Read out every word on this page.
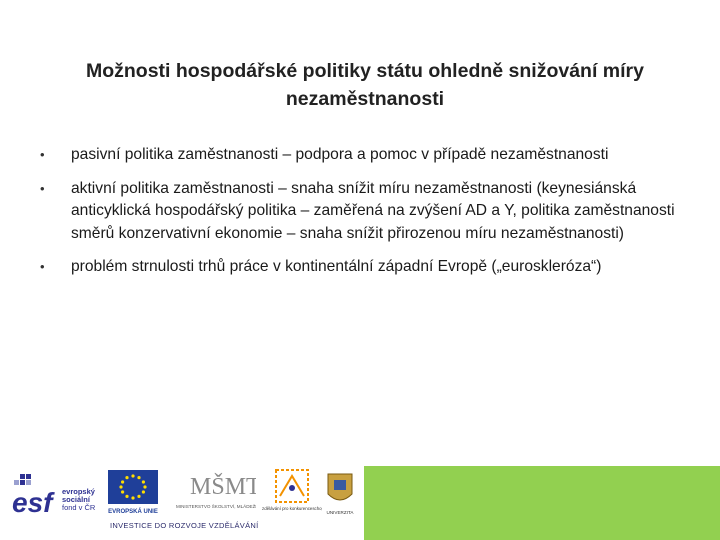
Možnosti hospodářské politiky státu ohledně snižování míry nezaměstnanosti
• pasivní politika zaměstnanosti – podpora a pomoc v případě nezaměstnanosti
• aktivní politika zaměstnanosti – snaha snížit míru nezaměstnanosti (keynesiánská anticyklická hospodářský politika – zaměřená na zvýšení AD a Y, politika zaměstnanosti směrů konzervativní ekonomie – snaha snížit přirozenou míru nezaměstnanosti)
• problém strnulosti trhů práce v kontinentální západní Evropě („euroskleróza“)
esf	evropský
sociální
fond v ČR EVROPSKÁ UNIE
MŠMT
MINISTERSTVO ŠKOLSTVÍ, MLÁDEŽ	zdělávání pro konkurencescho
UNIVERZITA
INVESTICE DO ROZVOJE VZDĚLÁVÁNÍ
